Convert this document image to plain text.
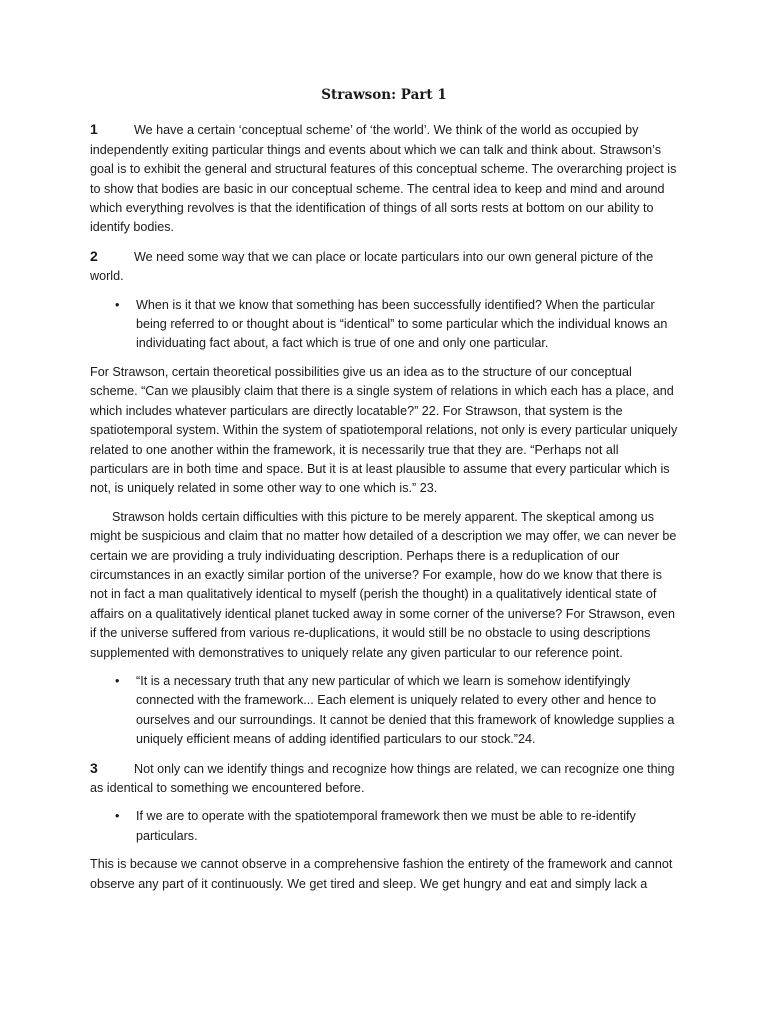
Strawson: Part 1

1	We have a certain ‘conceptual scheme’ of ‘the world’. We think of the world as occupied by independently exiting particular things and events about which we can talk and think about. Strawson’s goal is to exhibit the general and structural features of this conceptual scheme. The overarching project is to show that bodies are basic in our conceptual scheme. The central idea to keep and mind and around which everything revolves is that the identification of things of all sorts rests at bottom on our ability to identify bodies.

2	We need some way that we can place or locate particulars into our own general picture of the world.

• When is it that we know that something has been successfully identified? When the particular being referred to or thought about is “identical” to some particular which the individual knows an individuating fact about, a fact which is true of one and only one particular.

For Strawson, certain theoretical possibilities give us an idea as to the structure of our conceptual scheme. “Can we plausibly claim that there is a single system of relations in which each has a place, and which includes whatever particulars are directly locatable?” 22. For Strawson, that system is the spatiotemporal system. Within the system of spatiotemporal relations, not only is every particular uniquely related to one another within the framework, it is necessarily true that they are. “Perhaps not all particulars are in both time and space. But it is at least plausible to assume that every particular which is not, is uniquely related in some other way to one which is.” 23.

Strawson holds certain difficulties with this picture to be merely apparent. The skeptical among us might be suspicious and claim that no matter how detailed of a description we may offer, we can never be certain we are providing a truly individuating description. Perhaps there is a reduplication of our circumstances in an exactly similar portion of the universe? For example, how do we know that there is not in fact a man qualitatively identical to myself (perish the thought) in a qualitatively identical state of affairs on a qualitatively identical planet tucked away in some corner of the universe? For Strawson, even if the universe suffered from various re-duplications, it would still be no obstacle to using descriptions supplemented with demonstratives to uniquely relate any given particular to our reference point.

• “It is a necessary truth that any new particular of which we learn is somehow identifyingly connected with the framework... Each element is uniquely related to every other and hence to ourselves and our surroundings. It cannot be denied that this framework of knowledge supplies a uniquely efficient means of adding identified particulars to our stock.”24.

3	Not only can we identify things and recognize how things are related, we can recognize one thing as identical to something we encountered before.

• If we are to operate with the spatiotemporal framework then we must be able to re-identify particulars.

This is because we cannot observe in a comprehensive fashion the entirety of the framework and cannot observe any part of it continuously. We get tired and sleep. We get hungry and eat and simply lack a
